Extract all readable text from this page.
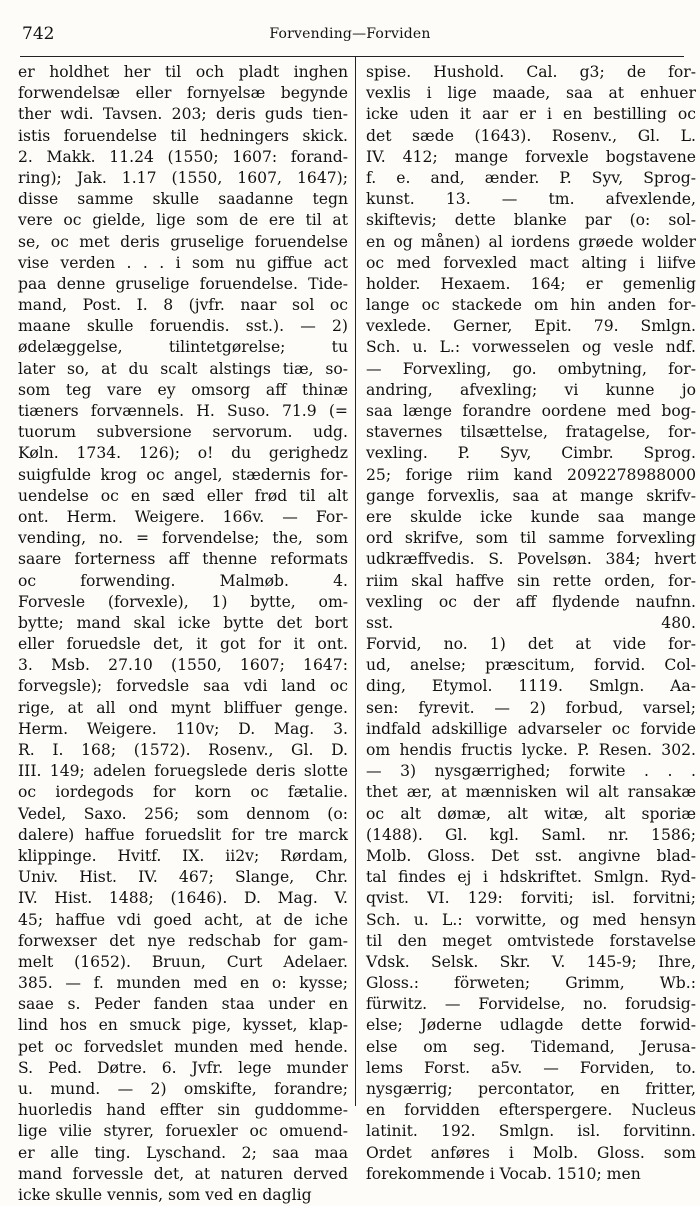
742	Forvending—Forviden
er holdhet her til och pladt inghen
forwendelsæ eller fornyelsæ begynde
ther wdi. Tavsen. 203; deris guds tien-
istis foruendelse til hedningers skick.
2. Makk. 11.24 (1550; 1607: forand-
ring); Jak. 1.17 (1550, 1607, 1647);
disse samme skulle saadanne tegn
vere oc gielde, lige som de ere til at
se, oc met deris gruselige foruendelse
vise verden . . . i som nu giffue act
paa denne gruselige foruendelse. Tide-
mand, Post. I. 8 (jvfr. naar sol oc
maane skulle foruendis. sst.). — 2)
ødelæggelse, tilintetgørelse; tu
later so, at du scalt alstings tiæ, so-
som teg vare ey omsorg aff thinæ
tiæners forvænnels. H. Suso. 71.9 (=
tuorum subversione servorum. udg.
Køln. 1734. 126); o! du gerighedz
suigfulde krog oc angel, stædernis for-
uendelse oc en sæd eller frød til alt
ont. Herm. Weigere. 166v. — For-
vending, no. = forvendelse; the, som
saare forterness aff thenne reformats
oc forwending. Malmøb. 4.
Forvesle (forvexle), 1) bytte, om-
bytte; mand skal icke bytte det bort
eller foruedsle det, it got for it ont.
3. Msb. 27.10 (1550, 1607; 1647:
forvegsle); forvedsle saa vdi land oc
rige, at all ond mynt bliffuer genge.
Herm. Weigere. 110v; D. Mag. 3.
R. I. 168; (1572). Rosenv., Gl. D.
III. 149; adelen foruegslede deris slotte
oc iordegods for korn oc fætalie.
Vedel, Saxo. 256; som dennom (o:
dalere) haffue foruedslit for tre marck
klippinge. Hvitf. IX. ii2v; Rørdam,
Univ. Hist. IV. 467; Slange, Chr.
IV. Hist. 1488; (1646). D. Mag. V.
45; haffue vdi goed acht, at de iche
forwexser det nye redschab for gam-
melt (1652). Bruun, Curt Adelaer.
385. — f. munden med en o: kysse;
saae s. Peder fanden staa under en
lind hos en smuck pige, kysset, klap-
pet oc forvedslet munden med hende.
S. Ped. Døtre. 6. Jvfr. lege munder
u. mund. — 2) omskifte, forandre;
huorledis hand effter sin guddomme-
lige vilie styrer, foruexler oc omuend-
er alle ting. Lyschand. 2; saa maa
mand forvessle det, at naturen derved
icke skulle vennis, som ved en daglig
spise. Hushold. Cal. g3; de for-
vexlis i lige maade, saa at enhuer
icke uden it aar er i en bestilling oc
det sæde (1643). Rosenv., Gl. L.
IV. 412; mange forvexle bogstavene
f. e. and, ænder. P. Syv, Sprog-
kunst. 13. — tm. afvexlende,
skiftevis; dette blanke par (o: sol-
en og månen) al iordens grøede wolder
oc med forvexled mact alting i liifve
holder. Hexaem. 164; er gemenlig
lange oc stackede om hin anden for-
vexlede. Gerner, Epit. 79. Smlgn.
Sch. u. L.: vorwesselen og vesle ndf.
— Forvexling, go. ombytning, for-
andring, afvexling; vi kunne jo
saa længe forandre oordene med bog-
stavernes tilsættelse, fratagelse, for-
vexling. P. Syv, Cimbr. Sprog.
25; forige riim kand 2092278988000
gange forvexlis, saa at mange skrifv-
ere skulde icke kunde saa mange
ord skrifve, som til samme forvexling
udkræffvedis. S. Povelsøn. 384; hvert
riim skal haffve sin rette orden, for-
vexling oc der aff flydende naufnn.
sst. 480.
Forvid, no. 1) det at vide for-
ud, anelse; præscitum, forvid. Col-
ding, Etymol. 1119. Smlgn. Aa-
sen: fyrevit. — 2) forbud, varsel;
indfald adskillige advarseler oc forvide
om hendis fructis lycke. P. Resen. 302.
— 3) nysgærrighed; forwite . . .
thet ær, at mænnisken wil alt ransakæ
oc alt dømæ, alt witæ, alt sporiæ
(1488). Gl. kgl. Saml. nr. 1586;
Molb. Gloss. Det sst. angivne blad-
tal findes ej i hdskriftet. Smlgn. Ryd-
qvist. VI. 129: forviti; isl. forvitni;
Sch. u. L.: vorwitte, og med hensyn
til den meget omtvistede forstavelse
Vdsk. Selsk. Skr. V. 145-9; Ihre,
Gloss.: förweten; Grimm, Wb.:
fürwitz. — Forvidelse, no. forudsig-
else; Jøderne udlagde dette forwid-
else om seg. Tidemand, Jerusa-
lems Forst. a5v. — Forviden, to.
nysgærrig; percontator, en fritter,
en forvidden efterspergere. Nucleus
latinit. 192. Smlgn. isl. forvitinn.
Ordet anføres i Molb. Gloss. som
forekommende i Vocab. 1510; men
